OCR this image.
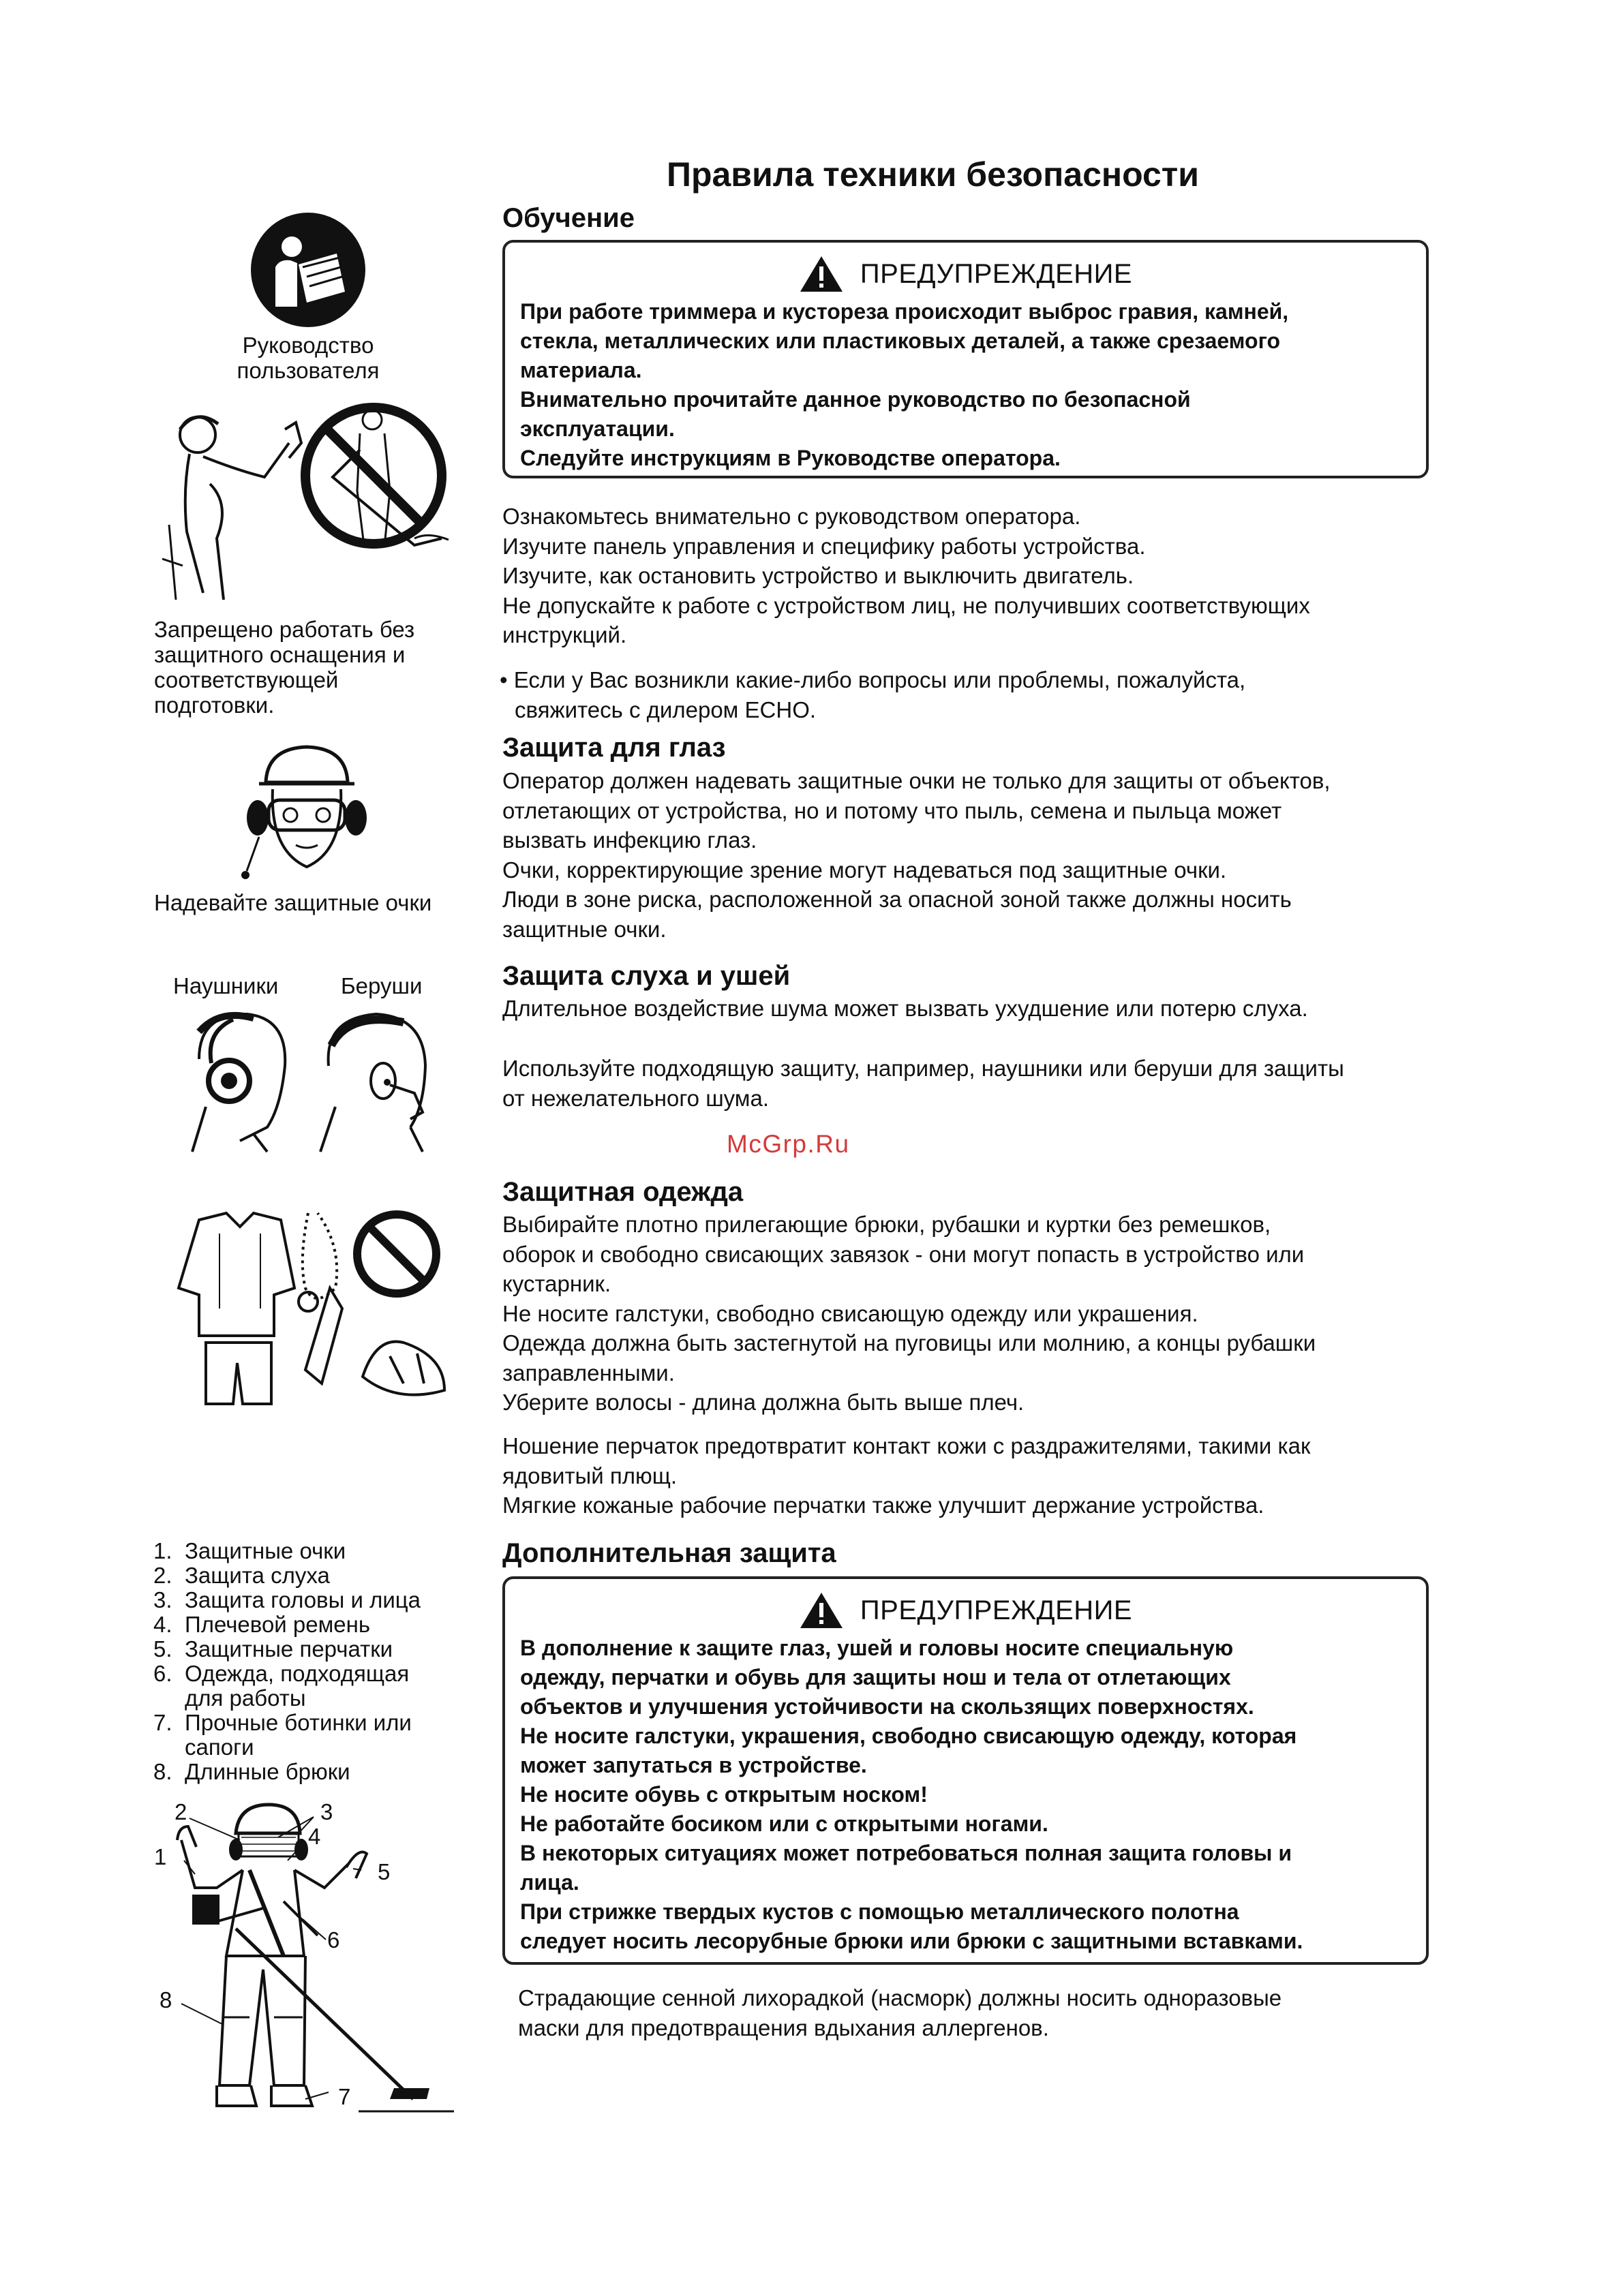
Правила техники безопасности
Обучение
ПРЕДУПРЕЖДЕНИЕ
При работе триммера и кустореза происходит выброс гравия, камней,
стекла, металлических или пластиковых деталей, а также срезаемого
материала.
Внимательно прочитайте данное руководство по безопасной
эксплуатации.
Следуйте инструкциям в Руководстве оператора.
Ознакомьтесь внимательно с руководством оператора.
Изучите панель управления и специфику работы устройства.
Изучите, как остановить устройство и выключить двигатель.
Не допускайте к работе с устройством лиц, не получивших соответствующих
инструкций.
• Если у Вас возникли какие-либо вопросы или проблемы, пожалуйста,
свяжитесь с дилером ECHO.
Защита для глаз
Оператор должен надевать защитные очки не только для защиты от объектов,
отлетающих от устройства, но и потому что пыль, семена и пыльца может
вызвать инфекцию глаз.
Очки, корректирующие зрение могут надеваться под защитные очки.
Люди в зоне риска, расположенной за опасной зоной также должны носить
защитные очки.
Защита слуха и ушей
Длительное воздействие шума может вызвать ухудшение или потерю слуха.
Используйте подходящую защиту, например, наушники или беруши для защиты
от нежелательного шума.
McGrp.Ru
Защитная одежда
Выбирайте плотно прилегающие брюки, рубашки и куртки без ремешков,
оборок и свободно свисающих завязок - они могут попасть в устройство или
кустарник.
Не носите галстуки, свободно свисающую одежду или украшения.
Одежда должна быть застегнутой на пуговицы или молнию, а концы рубашки
заправленными.
Уберите волосы - длина должна быть выше плеч.
Ношение перчаток предотвратит контакт кожи с раздражителями, такими как
ядовитый плющ.
Мягкие кожаные рабочие перчатки также улучшит держание устройства.
Дополнительная защита
ПРЕДУПРЕЖДЕНИЕ
В дополнение к защите глаз, ушей и головы носите специальную
одежду, перчатки и обувь для защиты нош и тела от отлетающих
объектов и улучшения устойчивости на скользящих поверхностях.
Не носите галстуки, украшения, свободно свисающую одежду, которая
может запутаться в устройстве.
Не носите обувь с открытым носком!
Не работайте босиком или с открытыми ногами.
В некоторых ситуациях может потребоваться полная защита головы и
лица.
При стрижке твердых кустов с помощью металлического полотна
следует носить лесорубные брюки или брюки с защитными вставками.
Страдающие сенной лихорадкой (насморк) должны носить одноразовые
маски для предотвращения вдыхания аллергенов.
Руководство
пользователя
Запрещено работать без
защитного оснащения и
соответствующей
подготовки.
Надевайте защитные очки
Наушники	Беруши
1. Защитные очки
2. Защита слуха
3. Защита головы и лица
4. Плечевой ремень
5. Защитные перчатки
6. Одежда, подходящая
для работы
7. Прочные ботинки или
сапоги
8. Длинные брюки
1
2	3
4
5
6
7
8
